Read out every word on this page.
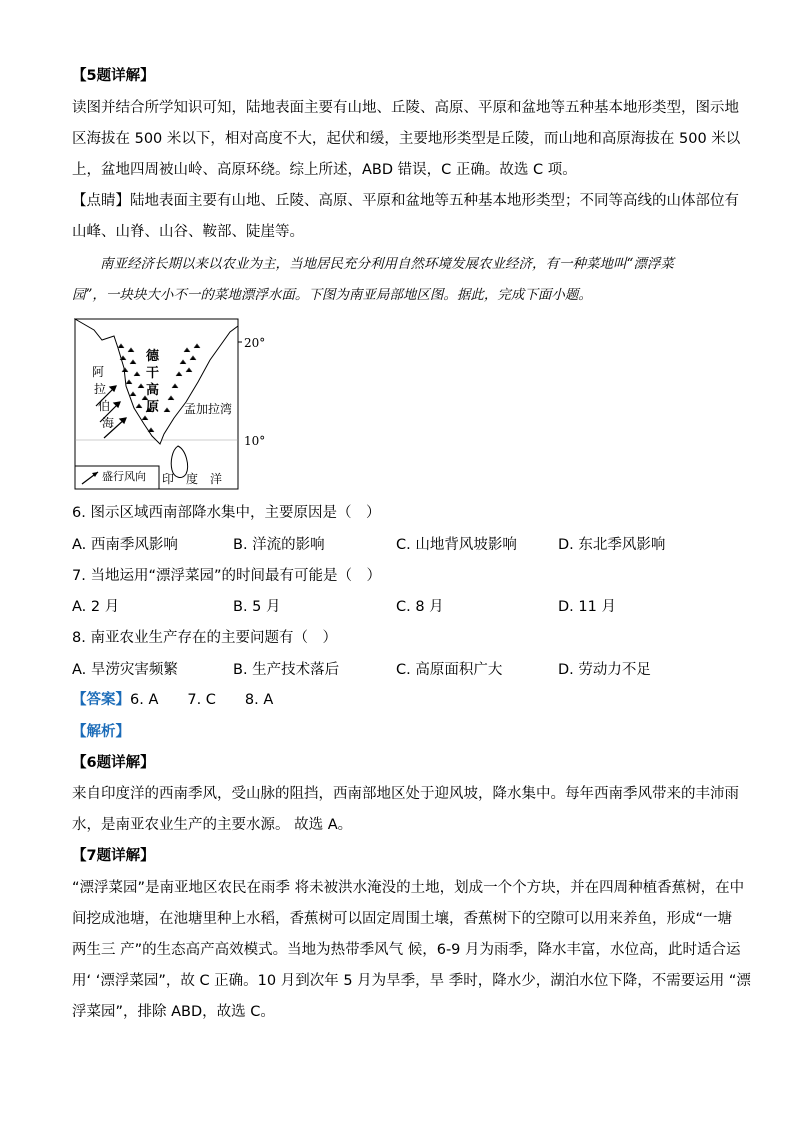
【5题详解】
读图并结合所学知识可知，陆地表面主要有山地、丘陵、高原、平原和盆地等五种基本地形类型，图示地
区海拔在 500 米以下，相对高度不大，起伏和缓，主要地形类型是丘陵，而山地和高原海拔在 500 米以
上，盆地四周被山岭、高原环绕。综上所述，ABD 错误，C 正确。故选 C 项。
【点睛】陆地表面主要有山地、丘陵、高原、平原和盆地等五种基本地形类型；不同等高线的山体部位有
山峰、山脊、山谷、鞍部、陡崖等。
南亚经济长期以来以农业为主，当地居民充分利用自然环境发展农业经济，有一种菜地叫“漂浮菜
园”，一块块大小不一的菜地漂浮水面。下图为南亚局部地区图。据此，完成下面小题。
20°
10°
德
干
高
原
阿
拉
伯
海
孟加拉湾
印　度　洋
盛行风向
6. 图示区域西南部降水集中，主要原因是（　）
A. 西南季风影响	B. 洋流的影响	C. 山地背风坡影响	D. 东北季风影响
7. 当地运用“漂浮菜园”的时间最有可能是（　）
A. 2 月	B. 5 月	C. 8 月	D. 11 月
8. 南亚农业生产存在的主要问题有（　）
A. 旱涝灾害频繁	B. 生产技术落后	C. 高原面积广大	D. 劳动力不足
【答案】6. A　　7. C　　8. A
【解析】
【6题详解】
来自印度洋的西南季风，受山脉的阻挡，西南部地区处于迎风坡，降水集中。每年西南季风带来的丰沛雨
水，是南亚农业生产的主要水源。 故选 A。
【7题详解】
“漂浮菜园”是南亚地区农民在雨季 将未被洪水淹没的土地，划成一个个方块，并在四周种植香蕉树，在中
间挖成池塘，在池塘里种上水稻，香蕉树可以固定周围土壤，香蕉树下的空隙可以用来养鱼，形成“一塘
两生三 产”的生态高产高效模式。当地为热带季风气 候，6-9 月为雨季，降水丰富，水位高，此时适合运
用‘ ‘漂浮菜园”，故 C 正确。10 月到次年 5 月为旱季，旱 季时，降水少，湖泊水位下降，不需要运用 “漂
浮菜园”，排除 ABD，故选 C。
